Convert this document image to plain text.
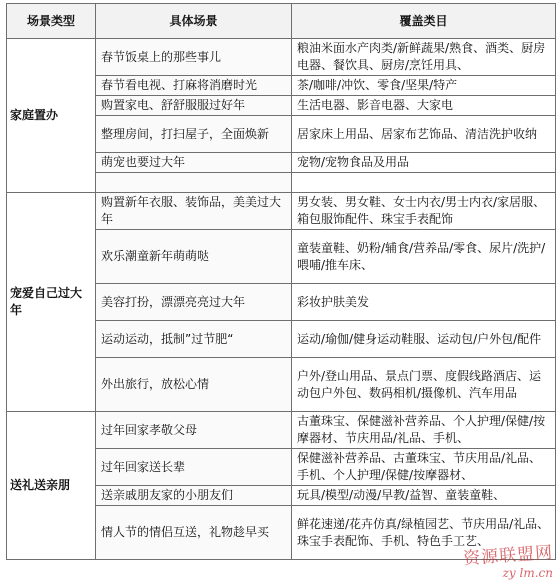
场景类型	具体场景	覆盖类目
家庭置办	春节饭桌上的那些事儿	粮油米面水产肉类/新鲜蔬果/熟食、酒类、厨房电器、餐饮具、厨房/烹饪用具、
	春节看电视、打麻将消磨时光	茶/咖啡/冲饮、零食/坚果/特产
	购置家电、舒舒服服过好年	生活电器、影音电器、大家电
	整理房间，打扫屋子，全面焕新	居家床上用品、居家布艺饰品、清洁洗护收纳
	萌宠也要过大年	宠物/宠物食品及用品

宠爱自己过大年	购置新年衣服、装饰品，美美过大年	男女装、男女鞋、女士内衣/男士内衣/家居服、箱包服饰配件、珠宝手表配饰
	欢乐潮童新年萌萌哒	童装童鞋、奶粉/辅食/营养品/零食、尿片/洗护/喂哺/推车床、
	美容打扮，漂漂亮亮过大年	彩妆护肤美发
	运动运动，抵制”过节肥“	运动/瑜伽/健身运动鞋服、运动包/户外包/配件
	外出旅行，放松心情	户外/登山用品、景点门票、度假线路酒店、运动包户外包、数码相机/摄像机、汽车用品
送礼送亲朋	过年回家孝敬父母	古董珠宝、保健滋补营养品、个人护理/保健/按摩器材、节庆用品/礼品、手机、
	过年回家送长辈	保健滋补营养品、古董珠宝、节庆用品/礼品、手机、个人护理/保健/按摩器材、
	送亲戚朋友家的小朋友们	玩具/模型/动漫/早教/益智、童装童鞋、
	情人节的情侣互送，礼物趁早买	鲜花速递/花卉仿真/绿植园艺、节庆用品/礼品、珠宝手表配饰、手机、特色手工艺、
资源联盟网
zy lm.cn
